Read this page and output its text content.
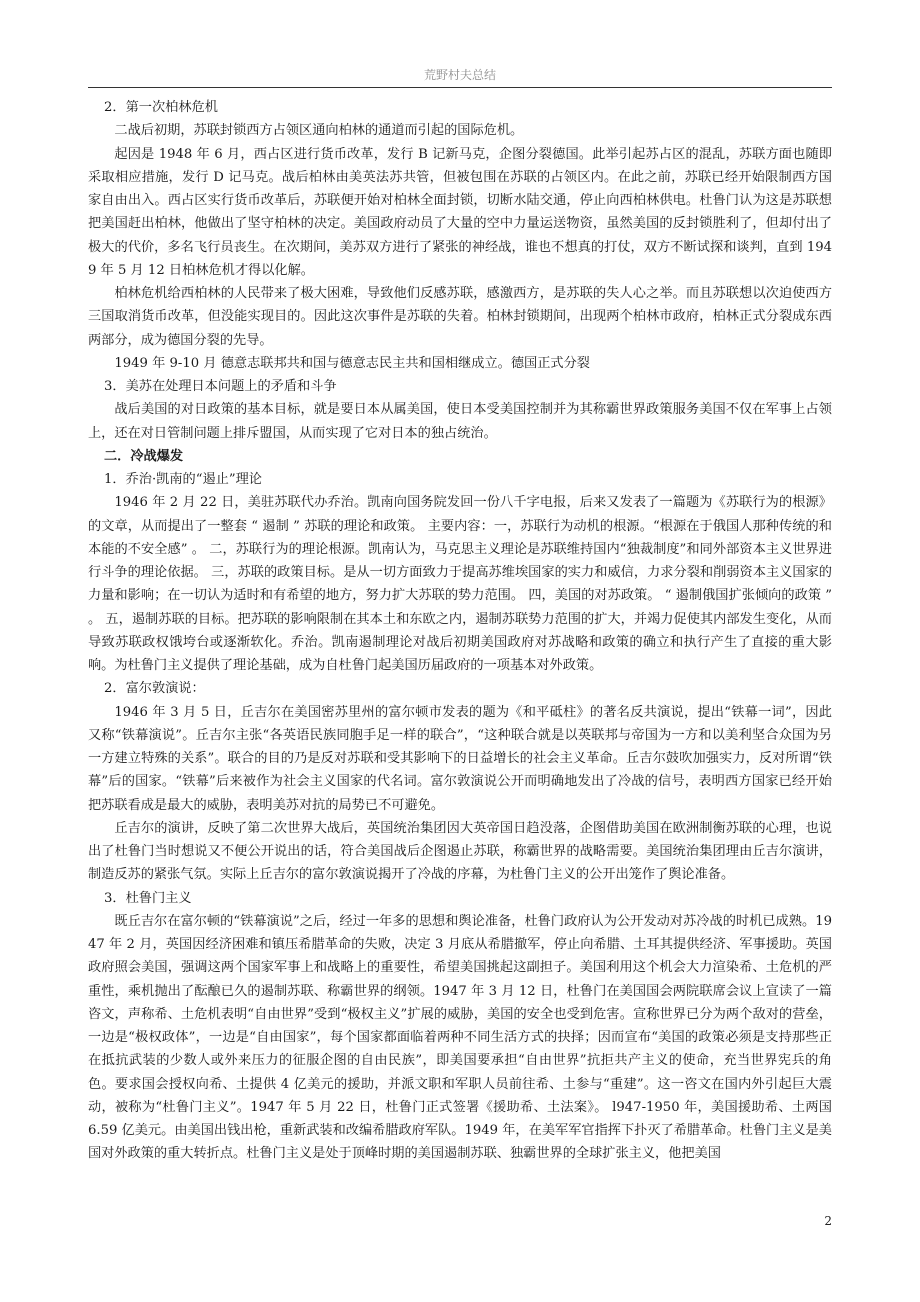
荒野村夫总结

2．第一次柏林危机

二战后初期，苏联封锁西方占领区通向柏林的通道而引起的国际危机。

起因是 1948 年 6 月，西占区进行货币改革，发行 B 记新马克，企图分裂德国。此举引起苏占区的混乱，苏联方面也随即采取相应措施，发行 D 记马克。战后柏林由美英法苏共管，但被包围在苏联的占领区内。在此之前，苏联已经开始限制西方国家自由出入。西占区实行货币改革后，苏联便开始对柏林全面封锁，切断水陆交通，停止向西柏林供电。杜鲁门认为这是苏联想把美国赶出柏林，他做出了坚守柏林的决定。美国政府动员了大量的空中力量运送物资，虽然美国的反封锁胜利了，但却付出了极大的代价，多名飞行员丧生。在次期间，美苏双方进行了紧张的神经战，谁也不想真的打仗，双方不断试探和谈判，直到 1949 年 5 月 12 日柏林危机才得以化解。

柏林危机给西柏林的人民带来了极大困难，导致他们反感苏联，感激西方，是苏联的失人心之举。而且苏联想以次迫使西方三国取消货币改革，但没能实现目的。因此这次事件是苏联的失着。柏林封锁期间，出现两个柏林市政府，柏林正式分裂成东西两部分，成为德国分裂的先导。

1949 年 9-10 月 德意志联邦共和国与德意志民主共和国相继成立。德国正式分裂

3．美苏在处理日本问题上的矛盾和斗争

战后美国的对日政策的基本目标，就是要日本从属美国，使日本受美国控制并为其称霸世界政策服务美国不仅在军事上占领上，还在对日管制问题上排斥盟国，从而实现了它对日本的独占统治。

二．冷战爆发

1．乔治·凯南的“遏止”理论

1946 年 2 月 22 日，美驻苏联代办乔治。凯南向国务院发回一份八千字电报，后来又发表了一篇题为《苏联行为的根源》的文章，从而提出了一整套 “ 遏制 ” 苏联的理论和政策。 主要内容：一，苏联行为动机的根源。“根源在于俄国人那种传统的和本能的不安全感” 。 二，苏联行为的理论根源。凯南认为，马克思主义理论是苏联维持国内“独裁制度”和同外部资本主义世界进行斗争的理论依据。 三，苏联的政策目标。是从一切方面致力于提高苏维埃国家的实力和威信，力求分裂和削弱资本主义国家的力量和影响；在一切认为适时和有希望的地方，努力扩大苏联的势力范围。 四，美国的对苏政策。 “ 遏制俄国扩张倾向的政策 ” 。 五，遏制苏联的目标。把苏联的影响限制在其本土和东欧之内，遏制苏联势力范围的扩大，并竭力促使其内部发生变化，从而导致苏联政权饿垮台或逐渐软化。乔治。凯南遏制理论对战后初期美国政府对苏战略和政策的确立和执行产生了直接的重大影响。为杜鲁门主义提供了理论基础，成为自杜鲁门起美国历届政府的一项基本对外政策。

2．富尔敦演说：

1946 年 3 月 5 日，丘吉尔在美国密苏里州的富尔顿市发表的题为《和平砥柱》的著名反共演说，提出“铁幕一词”，因此又称“铁幕演说”。丘吉尔主张“各英语民族同胞手足一样的联合”，“这种联合就是以英联邦与帝国为一方和以美利坚合众国为另一方建立特殊的关系”。联合的目的乃是反对苏联和受其影响下的日益增长的社会主义革命。丘吉尔鼓吹加强实力，反对所谓“铁幕”后的国家。“铁幕”后来被作为社会主义国家的代名词。富尔敦演说公开而明确地发出了冷战的信号，表明西方国家已经开始把苏联看成是最大的威胁，表明美苏对抗的局势已不可避免。

丘吉尔的演讲，反映了第二次世界大战后，英国统治集团因大英帝国日趋没落，企图借助美国在欧洲制衡苏联的心理，也说出了杜鲁门当时想说又不便公开说出的话，符合美国战后企图遏止苏联，称霸世界的战略需要。美国统治集团理由丘吉尔演讲，制造反苏的紧张气氛。实际上丘吉尔的富尔敦演说揭开了冷战的序幕，为杜鲁门主义的公开出笼作了舆论准备。

3．杜鲁门主义

既丘吉尔在富尔顿的“铁幕演说”之后，经过一年多的思想和舆论准备，杜鲁门政府认为公开发动对苏冷战的时机已成熟。1947 年 2 月，英国因经济困难和镇压希腊革命的失败，决定 3 月底从希腊撤军，停止向希腊、土耳其提供经济、军事援助。英国政府照会美国，强调这两个国家军事上和战略上的重要性，希望美国挑起这副担子。美国利用这个机会大力渲染希、土危机的严重性，乘机抛出了酝酿已久的遏制苏联、称霸世界的纲领。1947 年 3 月 12 日，杜鲁门在美国国会两院联席会议上宣读了一篇咨文，声称希、土危机表明“自由世界”受到“极权主义”扩展的威胁，美国的安全也受到危害。宣称世界已分为两个敌对的营垒，一边是“极权政体”，一边是“自由国家”，每个国家都面临着两种不同生活方式的抉择；因而宣布“美国的政策必须是支持那些正在抵抗武装的少数人或外来压力的征服企图的自由民族”，即美国要承担“自由世界”抗拒共产主义的使命，充当世界宪兵的角色。要求国会授权向希、土提供 4 亿美元的援助，并派文职和军职人员前往希、土参与“重建”。这一咨文在国内外引起巨大震动，被称为“杜鲁门主义”。1947 年 5 月 22 日，杜鲁门正式签署《援助希、土法案》。 l947-1950 年，美国援助希、土两国 6.59 亿美元。由美国出钱出枪，重新武装和改编希腊政府军队。1949 年，在美军军官指挥下扑灭了希腊革命。杜鲁门主义是美国对外政策的重大转折点。杜鲁门主义是处于顶峰时期的美国遏制苏联、独霸世界的全球扩张主义，他把美国

2
